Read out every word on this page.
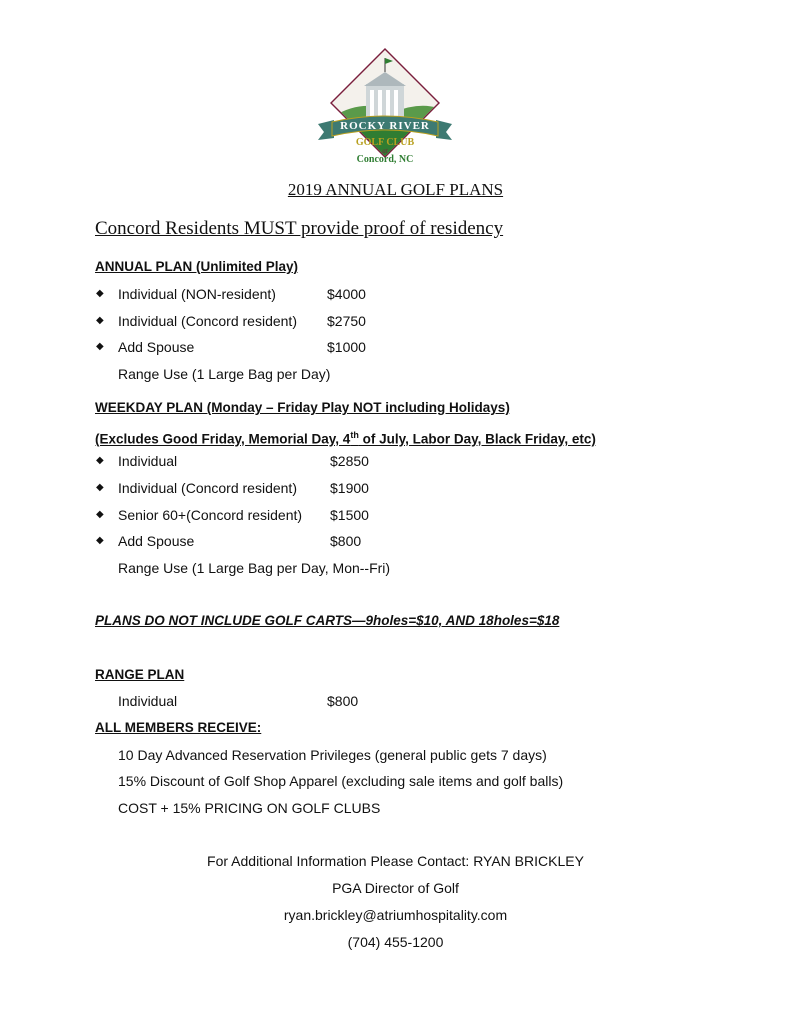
ROCKY RIVER
GOLF CLUB
at
Concord, NC
2019 ANNUAL GOLF PLANS
Concord Residents MUST provide proof of residency
ANNUAL PLAN (Unlimited Play)
◆ Individual (NON-resident)	$4000
◆ Individual (Concord resident) $2750
◆ Add Spouse	$1000
Range Use (1 Large Bag per Day)
WEEKDAY PLAN (Monday – Friday Play NOT including Holidays)
(Excludes Good Friday, Memorial Day, 4th of July, Labor Day, Black Friday, etc)
◆ Individual	$2850
◆ Individual (Concord resident) $1900
◆ Senior 60+(Concord resident) $1500
◆ Add Spouse	$800
Range Use (1 Large Bag per Day, Mon--Fri)
PLANS DO NOT INCLUDE GOLF CARTS—9holes=$10, AND 18holes=$18
RANGE PLAN
Individual	$800
ALL MEMBERS RECEIVE:
10 Day Advanced Reservation Privileges (general public gets 7 days)
15% Discount of Golf Shop Apparel (excluding sale items and golf balls)
COST + 15% PRICING ON GOLF CLUBS
For Additional Information Please Contact: RYAN BRICKLEY
PGA Director of Golf
ryan.brickley@atriumhospitality.com
(704) 455-1200
